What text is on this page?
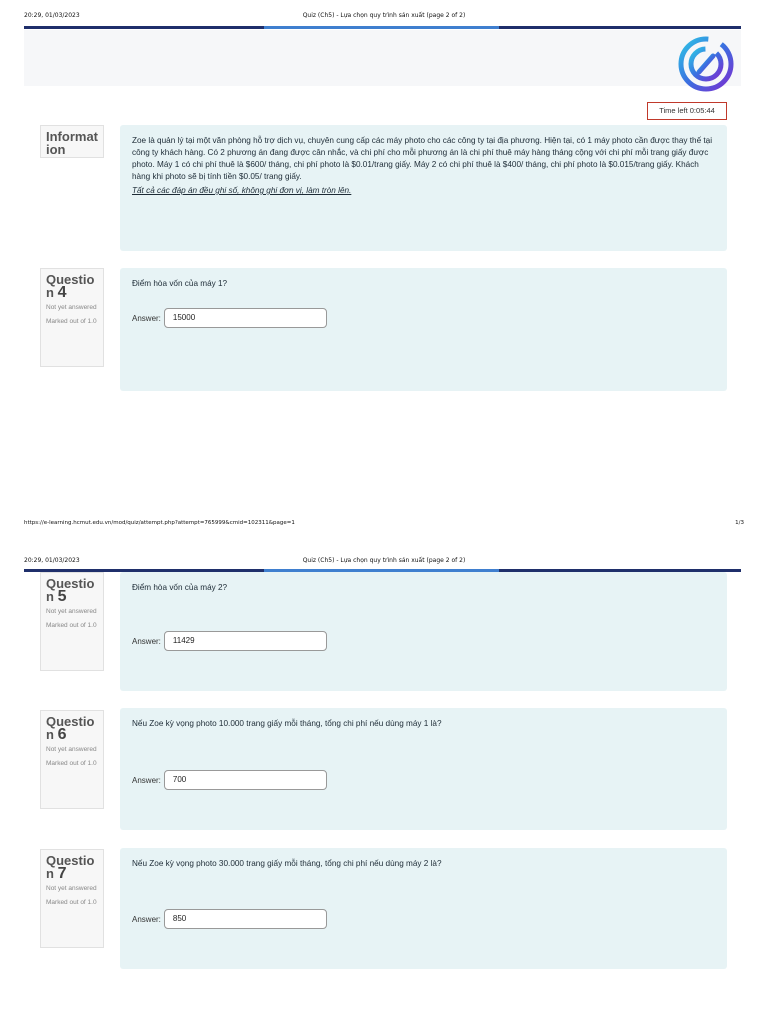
20:29, 01/03/2023	Quiz (Ch5) - Lựa chọn quy trình sản xuất (page 2 of 2)
Time left 0:05:44
Information
Zoe là quản lý tại một văn phòng hỗ trợ dịch vụ, chuyên cung cấp các máy photo cho các công ty tại địa phương. Hiện tại, có 1 máy photo cần được thay thế tại công ty khách hàng. Có 2 phương án đang được cân nhắc, và chi phí cho mỗi phương án là chi phí thuê máy hàng tháng cộng với chi phí mỗi trang giấy được photo. Máy 1 có chi phí thuê là $600/ tháng, chi phí photo là $0.01/trang giấy. Máy 2 có chi phí thuê là $400/ tháng, chi phí photo là $0.015/trang giấy. Khách hàng khi photo sẽ bị tính tiền $0.05/ trang giấy.
Tất cả các đáp án đều ghi số, không ghi đơn vị, làm tròn lên.
Questio n 4
Not yet answered
Marked out of 1.0
Điểm hòa vốn của máy 1?
Answer:	15000
https://e-learning.hcmut.edu.vn/mod/quiz/attempt.php?attempt=765999&cmid=102311&page=1	1/3
20:29, 01/03/2023	Quiz (Ch5) - Lựa chọn quy trình sản xuất (page 2 of 2)
Questio n 5
Not yet answered
Marked out of 1.0
Điểm hòa vốn của máy 2?
Answer:	11429
Questio n 6
Not yet answered
Marked out of 1.0
Nếu Zoe kỳ vọng photo 10.000 trang giấy mỗi tháng, tổng chi phí nếu dùng máy 1 là?
Answer:	700
Questio n 7
Not yet answered
Marked out of 1.0
Nếu Zoe kỳ vọng photo 30.000 trang giấy mỗi tháng, tổng chi phí nếu dùng máy 2 là?
Answer:	850
